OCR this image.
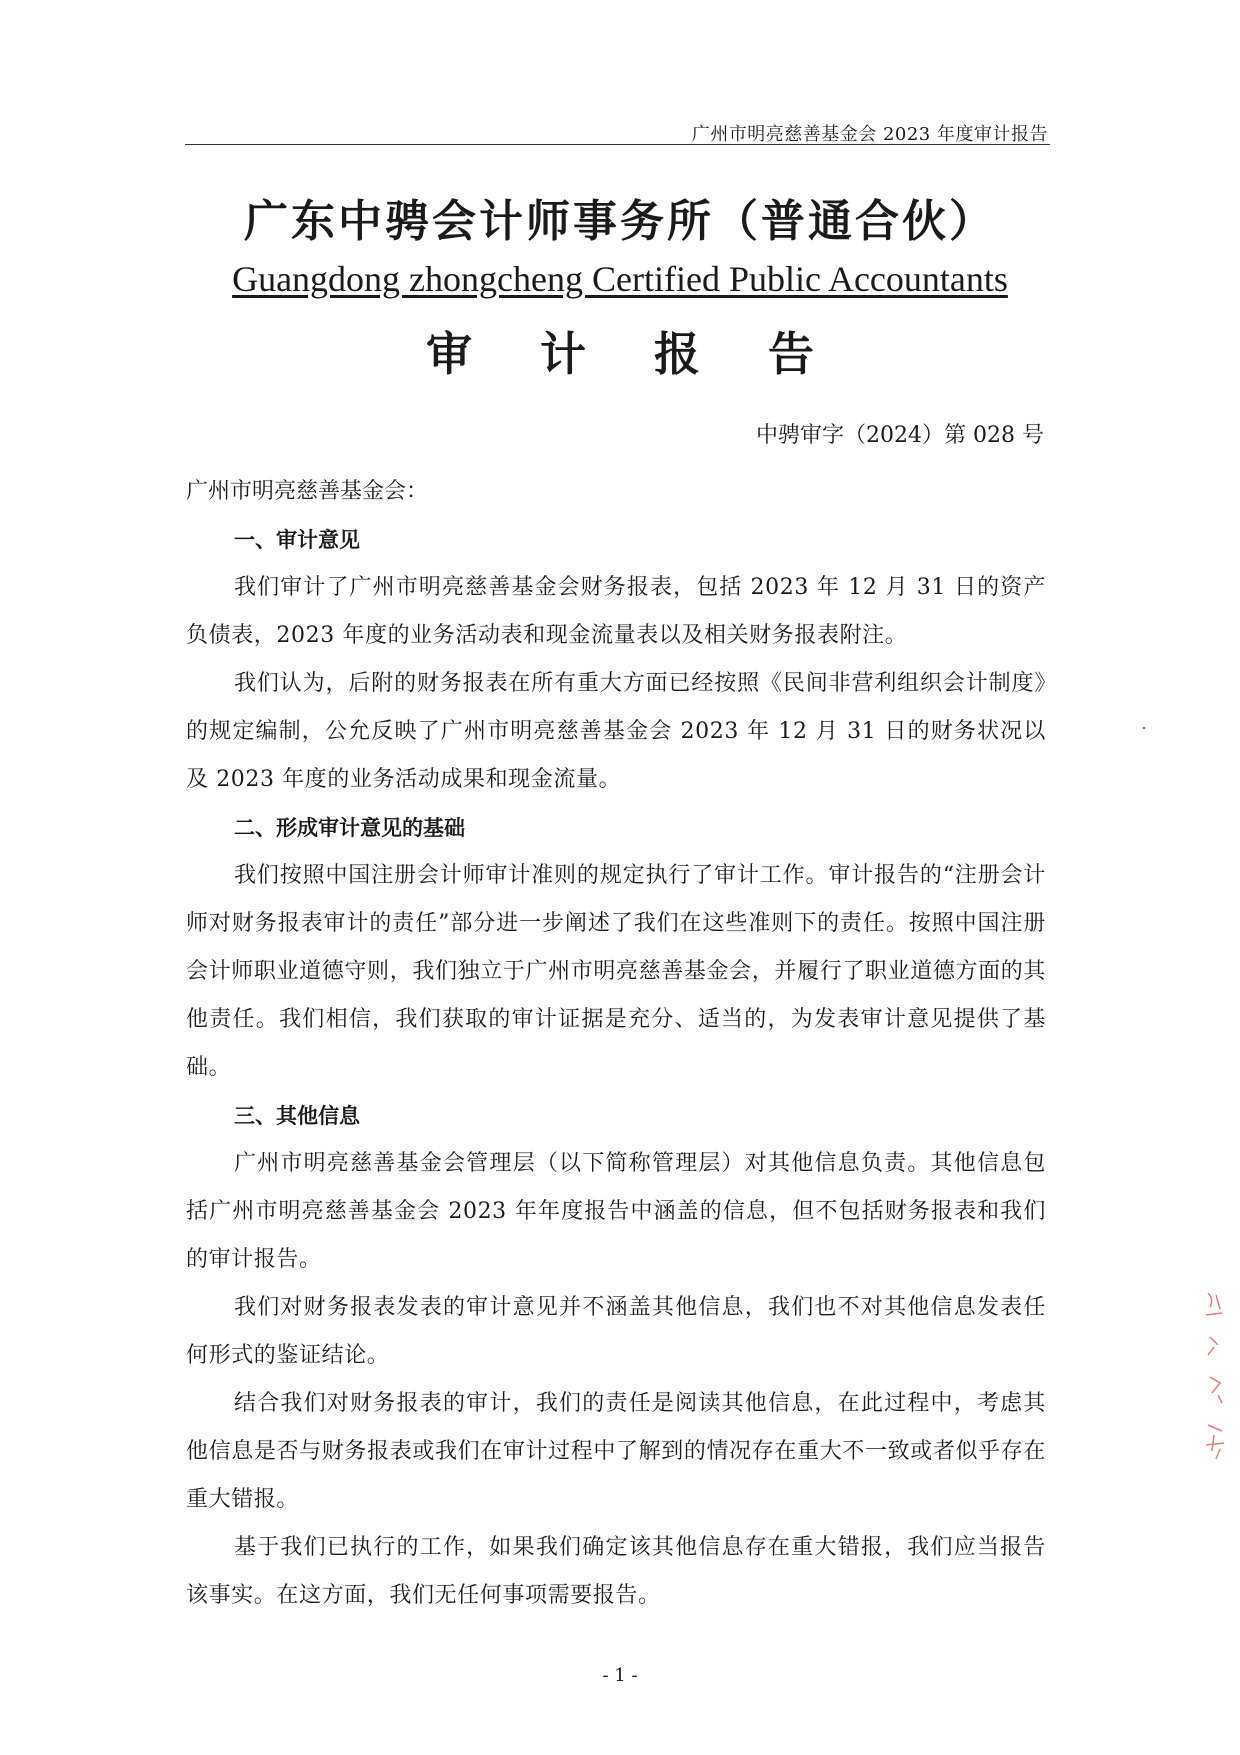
广州市明亮慈善基金会 2023 年度审计报告
广东中骋会计师事务所（普通合伙）
Guangdong zhongcheng Certified Public Accountants
审 计 报 告
中骋审字（2024）第 028 号

广州市明亮慈善基金会：

一、审计意见

我们审计了广州市明亮慈善基金会财务报表，包括 2023 年 12 月 31 日的资产负债表，2023 年度的业务活动表和现金流量表以及相关财务报表附注。

我们认为，后附的财务报表在所有重大方面已经按照《民间非营利组织会计制度》的规定编制，公允反映了广州市明亮慈善基金会 2023 年 12 月 31 日的财务状况以及 2023 年度的业务活动成果和现金流量。

二、形成审计意见的基础

我们按照中国注册会计师审计准则的规定执行了审计工作。审计报告的“注册会计师对财务报表审计的责任”部分进一步阐述了我们在这些准则下的责任。按照中国注册会计师职业道德守则，我们独立于广州市明亮慈善基金会，并履行了职业道德方面的其他责任。我们相信，我们获取的审计证据是充分、适当的，为发表审计意见提供了基础。

三、其他信息

广州市明亮慈善基金会管理层（以下简称管理层）对其他信息负责。其他信息包括广州市明亮慈善基金会 2023 年年度报告中涵盖的信息，但不包括财务报表和我们的审计报告。

我们对财务报表发表的审计意见并不涵盖其他信息，我们也不对其他信息发表任何形式的鉴证结论。

结合我们对财务报表的审计，我们的责任是阅读其他信息，在此过程中，考虑其他信息是否与财务报表或我们在审计过程中了解到的情况存在重大不一致或者似乎存在重大错报。

基于我们已执行的工作，如果我们确定该其他信息存在重大错报，我们应当报告该事实。在这方面，我们无任何事项需要报告。

- 1 -
